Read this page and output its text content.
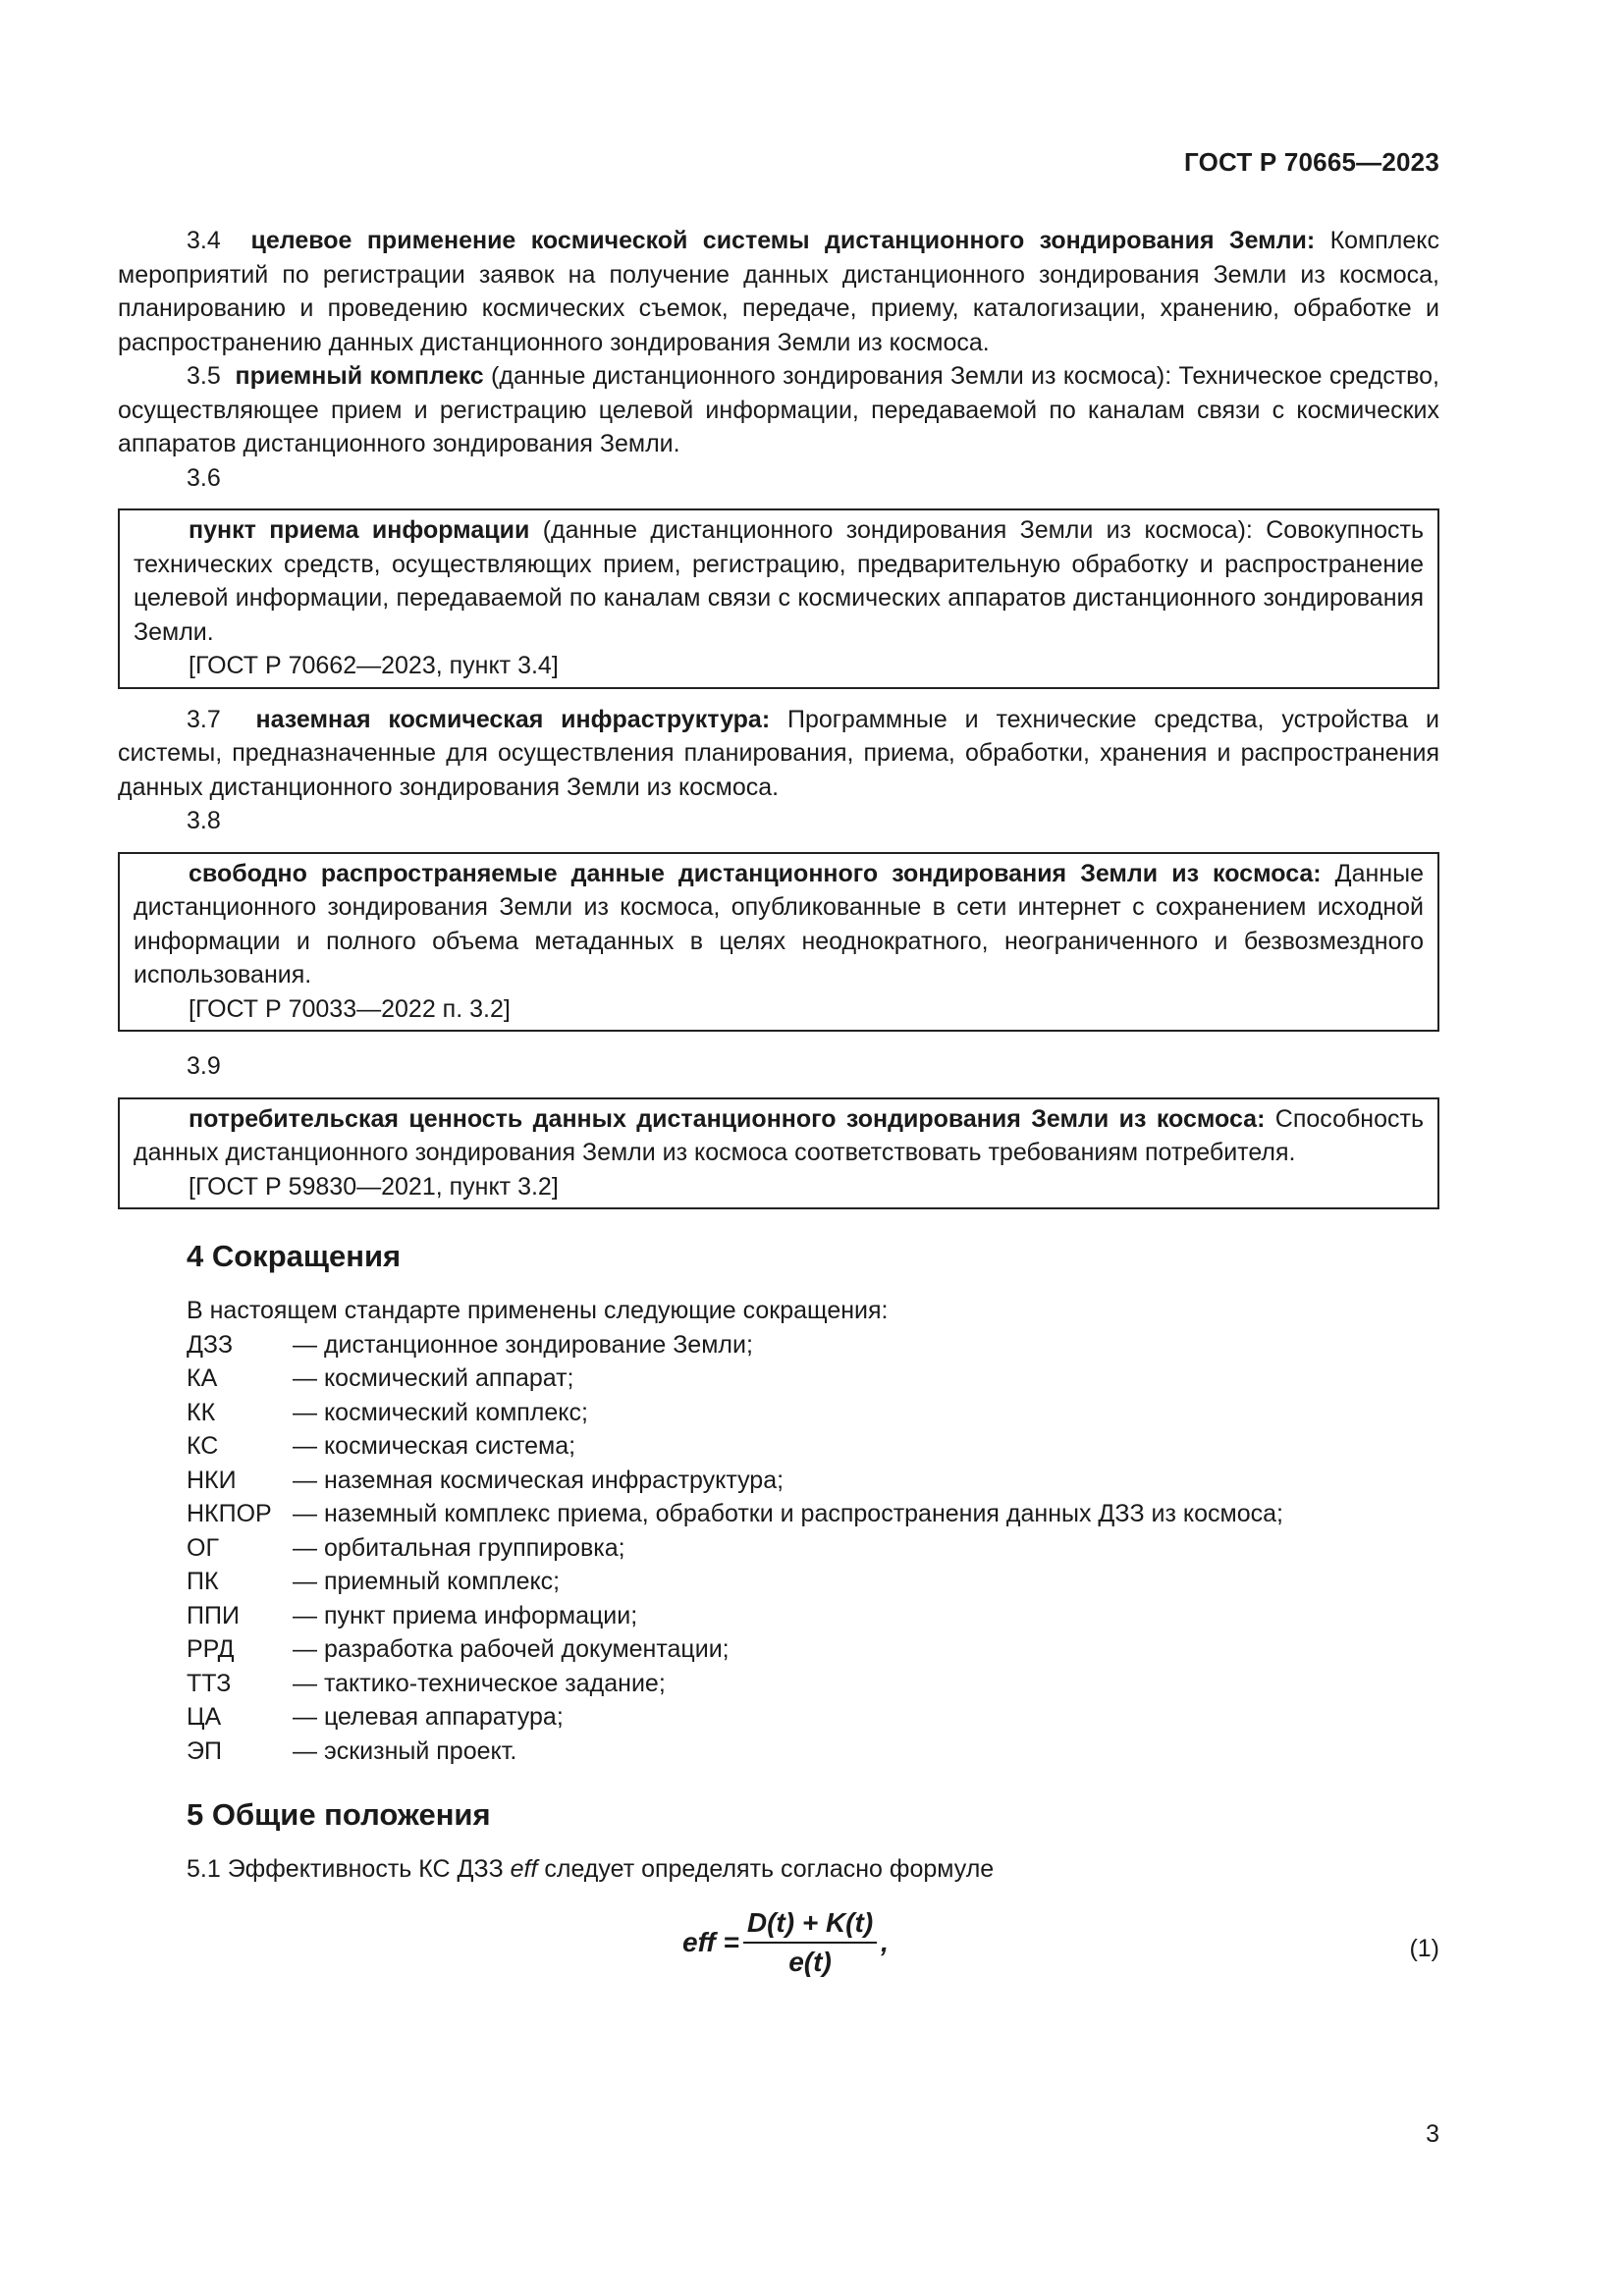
ГОСТ Р 70665—2023

3.4 целевое применение космической системы дистанционного зондирования Земли: Комплекс мероприятий по регистрации заявок на получение данных дистанционного зондирования Земли из космоса, планированию и проведению космических съемок, передаче, приему, каталогизации, хранению, обработке и распространению данных дистанционного зондирования Земли из космоса.

3.5 приемный комплекс (данные дистанционного зондирования Земли из космоса): Техническое средство, осуществляющее прием и регистрацию целевой информации, передаваемой по каналам связи с космических аппаратов дистанционного зондирования Земли.

3.6

пункт приема информации (данные дистанционного зондирования Земли из космоса): Совокупность технических средств, осуществляющих прием, регистрацию, предварительную обработку и распространение целевой информации, передаваемой по каналам связи с космических аппаратов дистанционного зондирования Земли.

[ГОСТ Р 70662—2023, пункт 3.4]

3.7 наземная космическая инфраструктура: Программные и технические средства, устройства и системы, предназначенные для осуществления планирования, приема, обработки, хранения и распространения данных дистанционного зондирования Земли из космоса.

3.8

свободно распространяемые данные дистанционного зондирования Земли из космоса: Данные дистанционного зондирования Земли из космоса, опубликованные в сети интернет с сохранением исходной информации и полного объема метаданных в целях неоднократного, неограниченного и безвозмездного использования.

[ГОСТ Р 70033—2022 п. 3.2]

3.9

потребительская ценность данных дистанционного зондирования Земли из космоса: Способность данных дистанционного зондирования Земли из космоса соответствовать требованиям потребителя.

[ГОСТ Р 59830—2021, пункт 3.2]

4 Сокращения

В настоящем стандарте применены следующие сокращения:

ДЗЗ	— дистанционное зондирование Земли;
КА	— космический аппарат;
КК	— космический комплекс;
КС	— космическая система;
НКИ	— наземная космическая инфраструктура;
НКПОР — наземный комплекс приема, обработки и распространения данных ДЗЗ из космоса;
ОГ	— орбитальная группировка;
ПК	— приемный комплекс;
ППИ	— пункт приема информации;
РРД	— разработка рабочей документации;
ТТЗ	— тактико-техническое задание;
ЦА	— целевая аппаратура;
ЭП	— эскизный проект.
5 Общие положения

5.1 Эффективность КС ДЗЗ eff следует определять согласно формуле

eff = $\frac{D(t) + K(t)}{e(t)}$ ,	(1)
3
